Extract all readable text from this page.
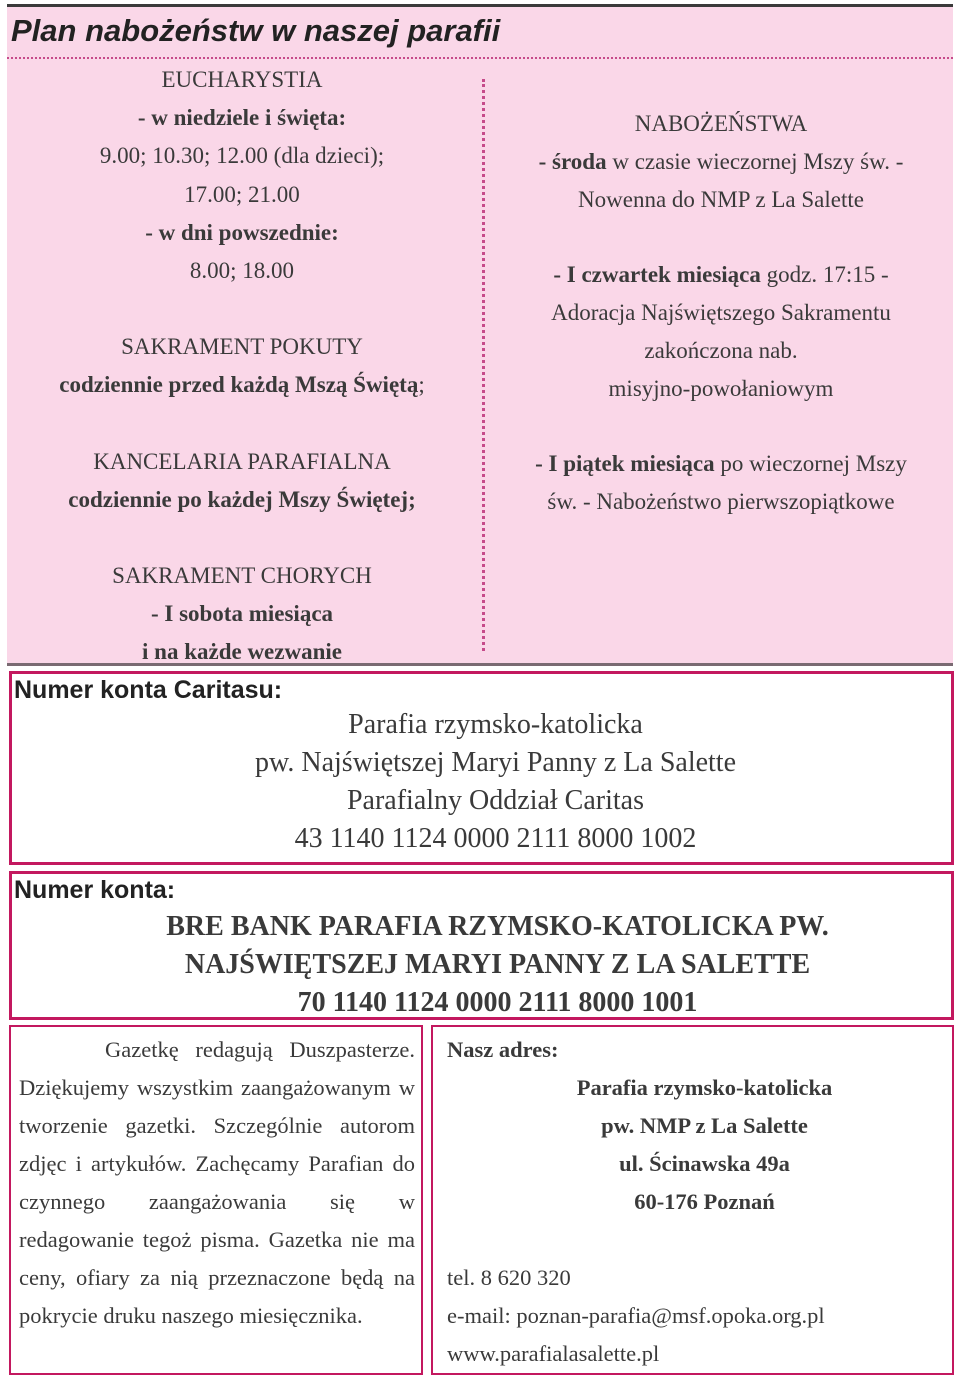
Plan nabożeństw w naszej parafii
EUCHARYSTIA
- w niedziele i święta:
9.00; 10.30; 12.00 (dla dzieci);
17.00; 21.00
- w dni powszednie:
8.00; 18.00
SAKRAMENT POKUTY
codziennie przed każdą Mszą Świętą;
KANCELARIA PARAFIALNA
codziennie po każdej Mszy Świętej;
SAKRAMENT CHORYCH
- I sobota miesiąca
i na każde wezwanie
NABOŻEŃSTWA
- środa w czasie wieczornej Mszy św. -
Nowenna do NMP z La Salette
- I czwartek miesiąca godz. 17:15 -
Adoracja Najświętszego Sakramentu
zakończona nab.
misyjno-powołaniowym
- I piątek miesiąca po wieczornej Mszy
św. - Nabożeństwo pierwszopiątkowe
Numer konta Caritasu:
Parafia rzymsko-katolicka
pw. Najświętszej Maryi Panny z La Salette
Parafialny Oddział Caritas
43 1140 1124 0000 2111 8000 1002
Numer konta:
BRE BANK PARAFIA RZYMSKO-KATOLICKA PW.
NAJŚWIĘTSZEJ MARYI PANNY Z LA SALETTE
70 1140 1124 0000 2111 8000 1001
Gazetkę redagują Duszpasterze. Dziękujemy wszystkim zaangażowanym w tworzenie gazetki. Szczególnie autorom zdjęc i artykułów. Zachęcamy Parafian do czynnego zaangażowania się w redagowanie tegoż pisma. Gazetka nie ma ceny, ofiary za nią przeznaczone będą na
pokrycie druku naszego miesięcznika.
Nasz adres:
Parafia rzymsko-katolicka
pw. NMP z La Salette
ul. Ścinawska 49a
60-176 Poznań
tel. 8 620 320
e-mail: poznan-parafia@msf.opoka.org.pl
www.parafialasalette.pl
